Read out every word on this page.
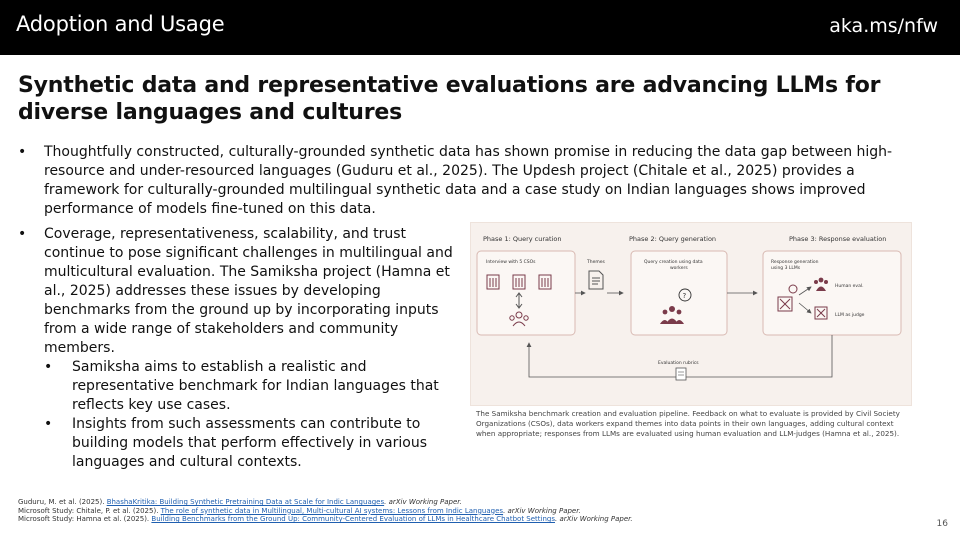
Adoption and Usage	aka.ms/nfw
Synthetic data and representative evaluations are advancing LLMs for diverse languages and cultures
• Thoughtfully constructed, culturally-grounded synthetic data has shown promise in reducing the data gap between high-resource and under-resourced languages (Guduru et al., 2025). The Updesh project (Chitale et al., 2025) provides a framework for culturally-grounded multilingual synthetic data and a case study on Indian languages shows improved performance of models fine-tuned on this data.
• Coverage, representativeness, scalability, and trust continue to pose significant challenges in multilingual and multicultural evaluation. The Samiksha project (Hamna et al., 2025) addresses these issues by developing benchmarks from the ground up by incorporating inputs from a wide range of stakeholders and community members.
• Samiksha aims to establish a realistic and representative benchmark for Indian languages that reflects key use cases.
• Insights from such assessments can contribute to building models that perform effectively in various languages and cultural contexts.
Phase 1: Query curation	Phase 2: Query generation	Phase 3: Response evaluation
Interview with 5 CSOs	Themes	Query creation using data
workers
?
Response generation
using 3 LLMs
Human eval.
LLM as judge
Evaluation rubrics
The Samiksha benchmark creation and evaluation pipeline. Feedback on what to evaluate is provided by Civil Society Organizations (CSOs), data workers expand themes into data points in their own languages, adding cultural context when appropriate; responses from LLMs are evaluated using human evaluation and LLM-judges (Hamna et al., 2025).
Guduru, M. et al. (2025). BhashaKritika: Building Synthetic Pretraining Data at Scale for Indic Languages. arXiv Working Paper.
Microsoft Study: Chitale, P. et al. (2025). The role of synthetic data in Multilingual, Multi-cultural AI systems: Lessons from Indic Languages. arXiv Working Paper.
Microsoft Study: Hamna et al. (2025). Building Benchmarks from the Ground Up: Community-Centered Evaluation of LLMs in Healthcare Chatbot Settings. arXiv Working Paper.	16
